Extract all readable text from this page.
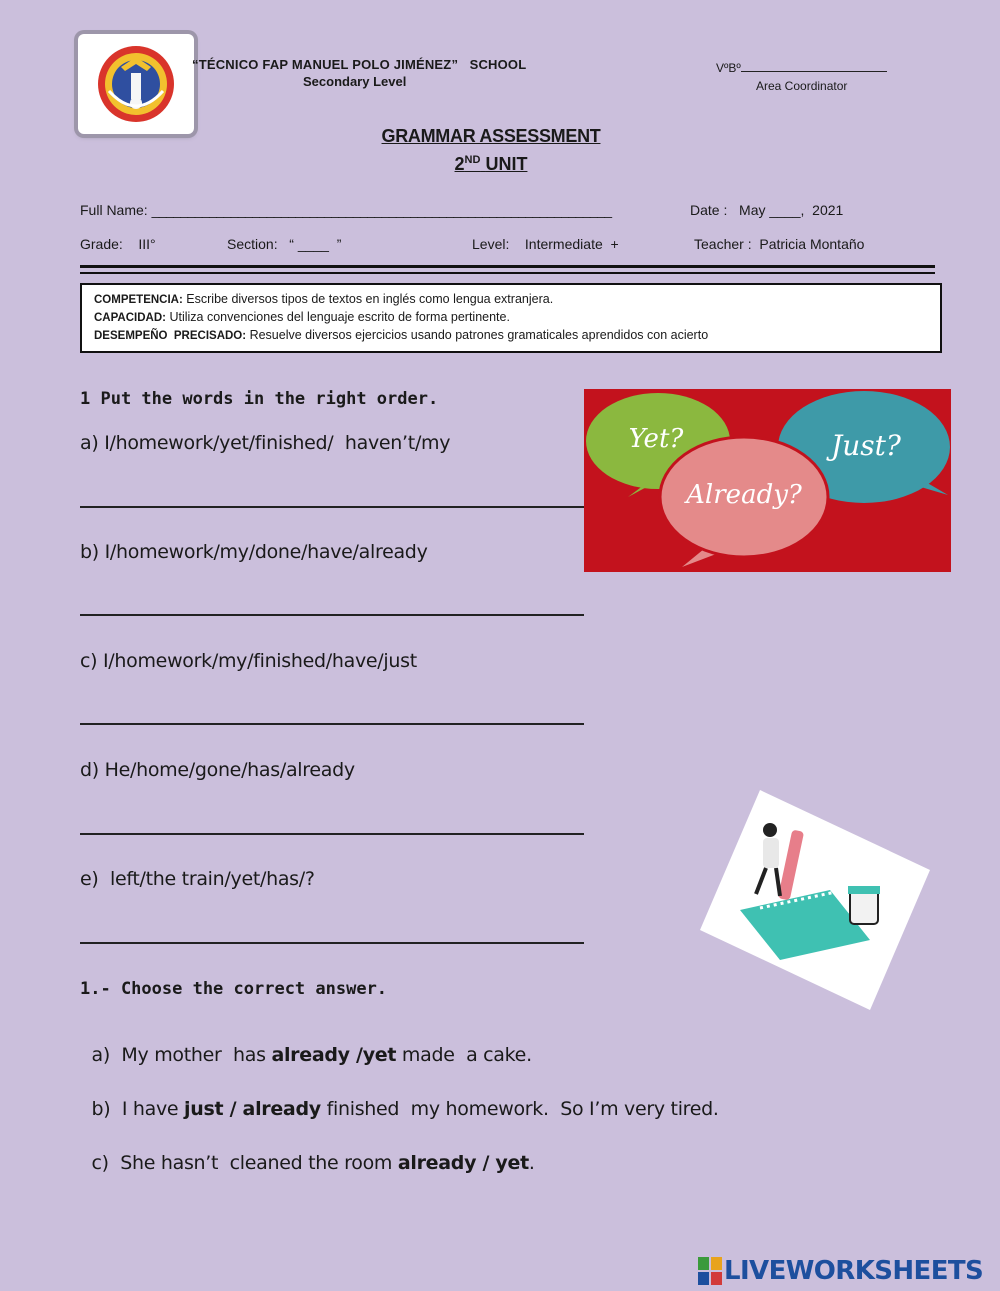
“TÉCNICO FAP MANUEL POLO JIMÉNEZ”   SCHOOL
Secondary Level
VºBº
Area Coordinator
GRAMMAR ASSESSMENT
2ND UNIT
Full Name: ________________________________________________________________	Date : May ____,  2021
Grade: III°	Section: “ ____  ”	Level: Intermediate  +	Teacher : Patricia Montaño
COMPETENCIA: Escribe diversos tipos de textos en inglés como lengua extranjera.
CAPACIDAD: Utiliza convenciones del lenguaje escrito de forma pertinente.
DESEMPEÑO  PRECISADO: Resuelve diversos ejercicios usando patrones gramaticales aprendidos con acierto
1 Put the words in the right order.
a) I/homework/yet/finished/  haven’t/my
b) I/homework/my/done/have/already
c) I/homework/my/finished/have/just
d) He/home/gone/has/already
e)  left/the train/yet/has/?
Yet?
Already?
Just?
1.- Choose the correct answer.

a)  My mother  has already /yet made  a cake.

b)  I have just / already finished  my homework.  So I’m very tired.

c)  She hasn’t  cleaned the room already / yet.

LIVEWORKSHEETS
